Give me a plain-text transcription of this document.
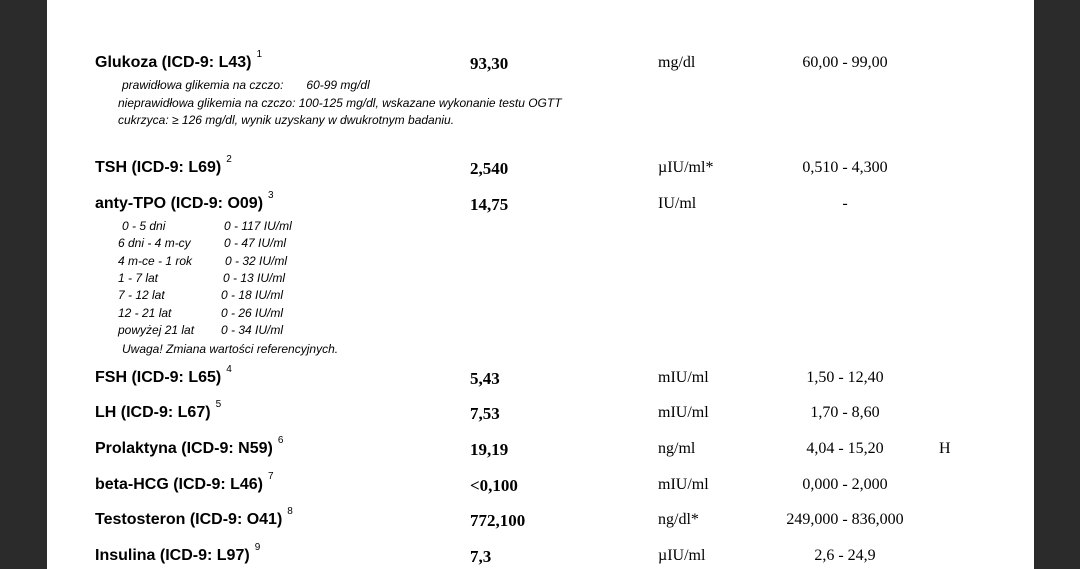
Glukoza (ICD-9: L43) $^1$	93,30	mg/dl	60,00 - 99,00
prawidłowa glikemia na czczo: 60-99 mg/dl
nieprawidłowa glikemia na czczo: 100-125 mg/dl, wskazane wykonanie testu OGTT
cukrzyca: ≥ 126 mg/dl, wynik uzyskany w dwukrotnym badaniu.
TSH (ICD-9: L69) $^2$	2,540	µIU/ml*	0,510 - 4,300
anty-TPO (ICD-9: O09) $^3$	14,75	IU/ml	-
0 - 5 dni	0 - 117 IU/ml
6 dni - 4 m-cy	0 - 47 IU/ml
4 m-ce - 1 rok	0 - 32 IU/ml
1 - 7 lat	0 - 13 IU/ml
7 - 12 lat	0 - 18 IU/ml
12 - 21 lat	0 - 26 IU/ml
powyżej 21 lat 0 - 34 IU/ml
Uwaga! Zmiana wartości referencyjnych.
FSH (ICD-9: L65) $^4$	5,43	mIU/ml	1,50 - 12,40
LH (ICD-9: L67) $^5$	7,53	mIU/ml	1,70 - 8,60
Prolaktyna (ICD-9: N59) $^6$	19,19	ng/ml	4,04 - 15,20	H
beta-HCG (ICD-9: L46) $^7$	<0,100	mIU/ml	0,000 - 2,000
Testosteron (ICD-9: O41) $^8$	772,100	ng/dl*	249,000 - 836,000
Insulina (ICD-9: L97) $^9$	7,3	µIU/ml	2,6 - 24,9
